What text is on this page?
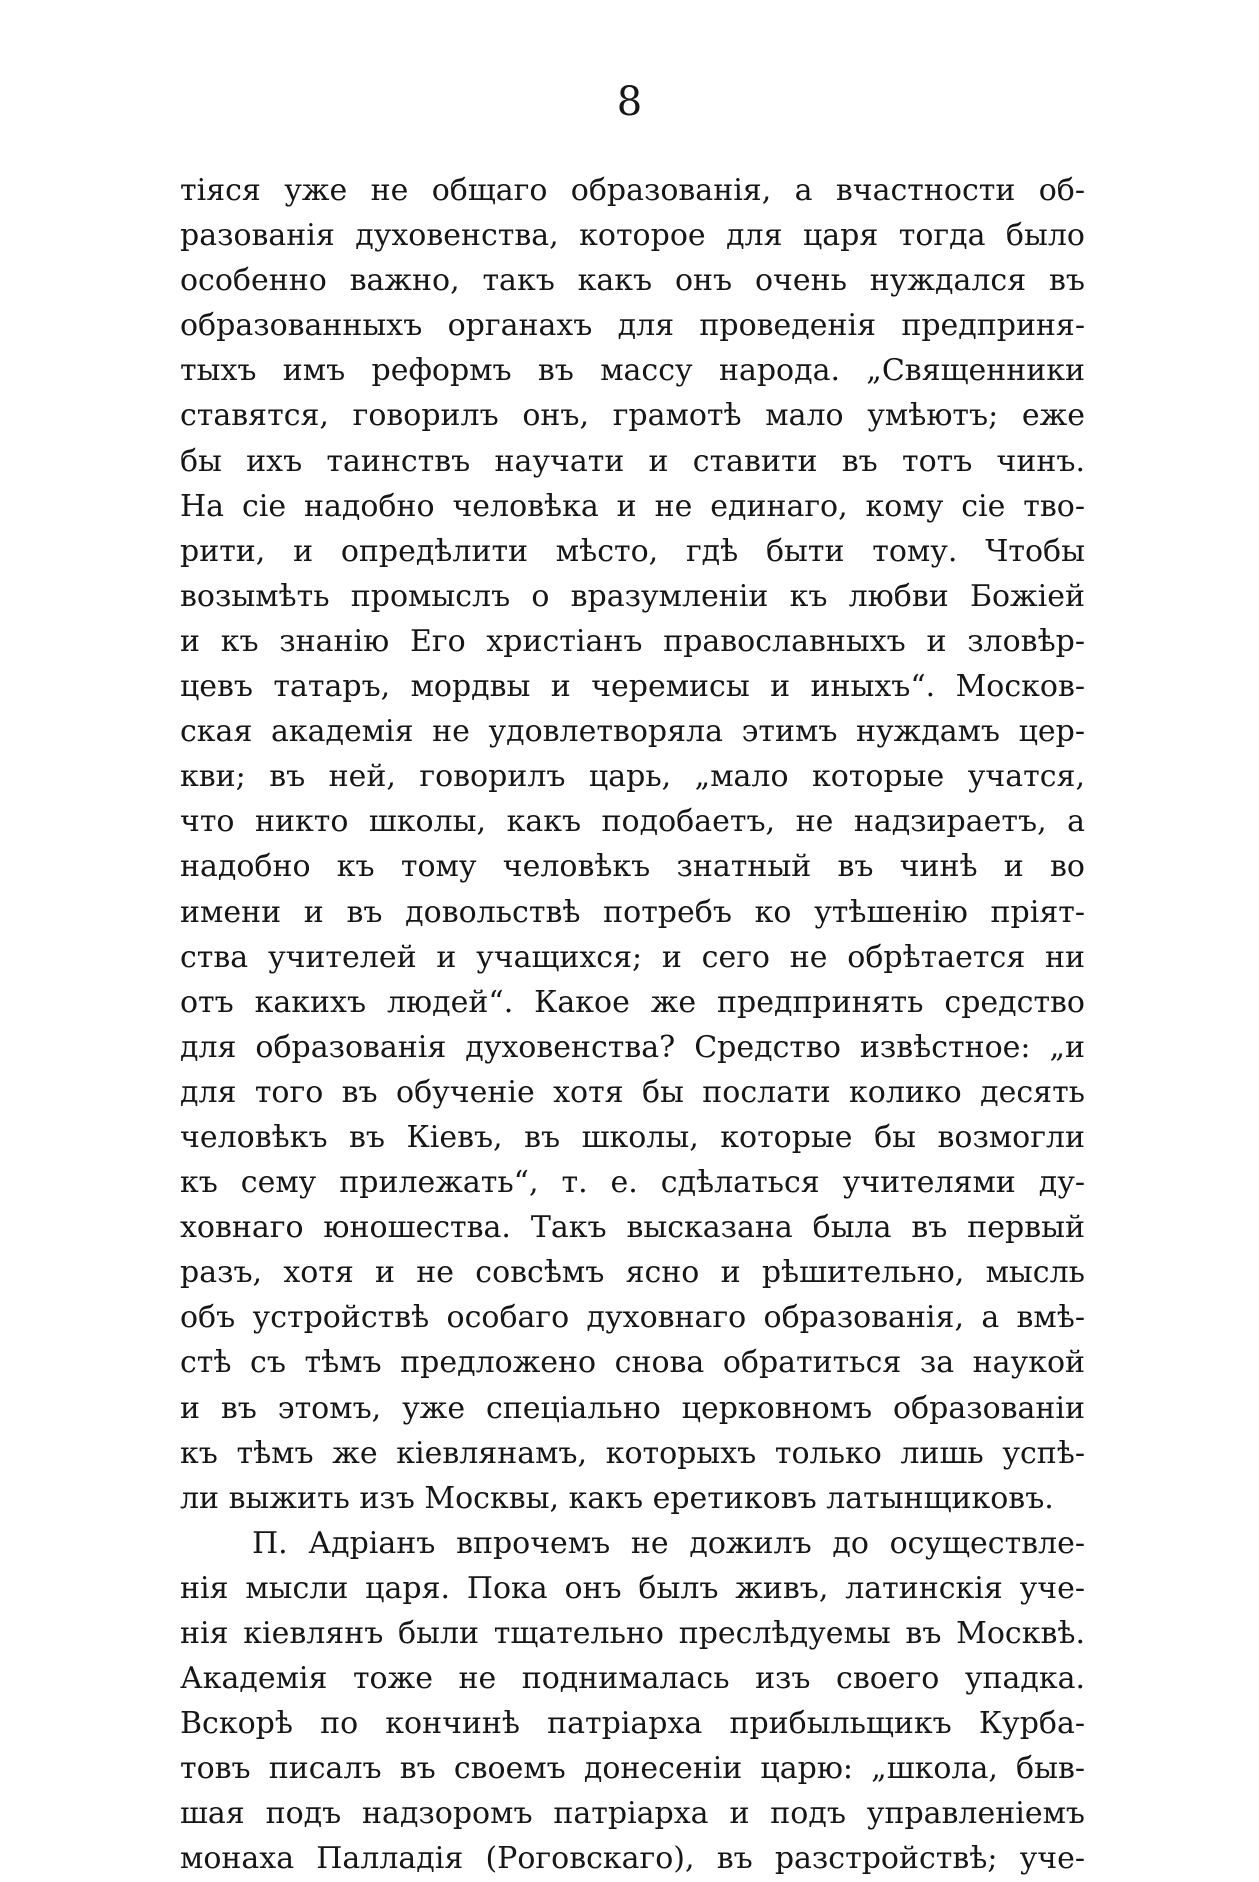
8
тіяся уже не общаго образованія, а вчастности об-
разованія духовенства, которое для царя тогда было
особенно важно, такъ какъ онъ очень нуждался въ
образованныхъ органахъ для проведенія предприня-
тыхъ имъ реформъ въ массу народа. „Священники
ставятся, говорилъ онъ, грамотѣ мало умѣютъ; еже
бы ихъ таинствъ научати и ставити въ тотъ чинъ.
На сіе надобно человѣка и не единаго, кому сіе тво-
рити, и опредѣлити мѣсто, гдѣ быти тому. Чтобы
возымѣть промыслъ о вразумленіи къ любви Божіей
и къ знанію Его христіанъ православныхъ и зловѣр-
цевъ татаръ, мордвы и черемисы и иныхъ“. Москов-
ская академія не удовлетворяла этимъ нуждамъ цер-
кви; въ ней, говорилъ царь, „мало которые учатся,
что никто школы, какъ подобаетъ, не надзираетъ, а
надобно къ тому человѣкъ знатный въ чинѣ и во
имени и въ довольствѣ потребъ ко утѣшенію пріят-
ства учителей и учащихся; и сего не обрѣтается ни
отъ какихъ людей“. Какое же предпринять средство
для образованія духовенства? Средство извѣстное: „и
для того въ обученіе хотя бы послати колико десять
человѣкъ въ Кіевъ, въ школы, которые бы возмогли
къ сему прилежать“, т. е. сдѣлаться учителями ду-
ховнаго юношества. Такъ высказана была въ первый
разъ, хотя и не совсѣмъ ясно и рѣшительно, мысль
объ устройствѣ особаго духовнаго образованія, а вмѣ-
стѣ съ тѣмъ предложено снова обратиться за наукой
и въ этомъ, уже спеціально церковномъ образованіи
къ тѣмъ же кіевлянамъ, которыхъ только лишь успѣ-
ли выжить изъ Москвы, какъ еретиковъ латынщиковъ.
П. Адріанъ впрочемъ не дожилъ до осуществле-
нія мысли царя. Пока онъ былъ живъ, латинскія уче-
нія кіевлянъ были тщательно преслѣдуемы въ Москвѣ.
Академія тоже не поднималась изъ своего упадка.
Вскорѣ по кончинѣ патріарха прибыльщикъ Курба-
товъ писалъ въ своемъ донесеніи царю: „школа, быв-
шая подъ надзоромъ патріарха и подъ управленіемъ
монаха Палладія (Роговскаго), въ разстройствѣ; уче-
